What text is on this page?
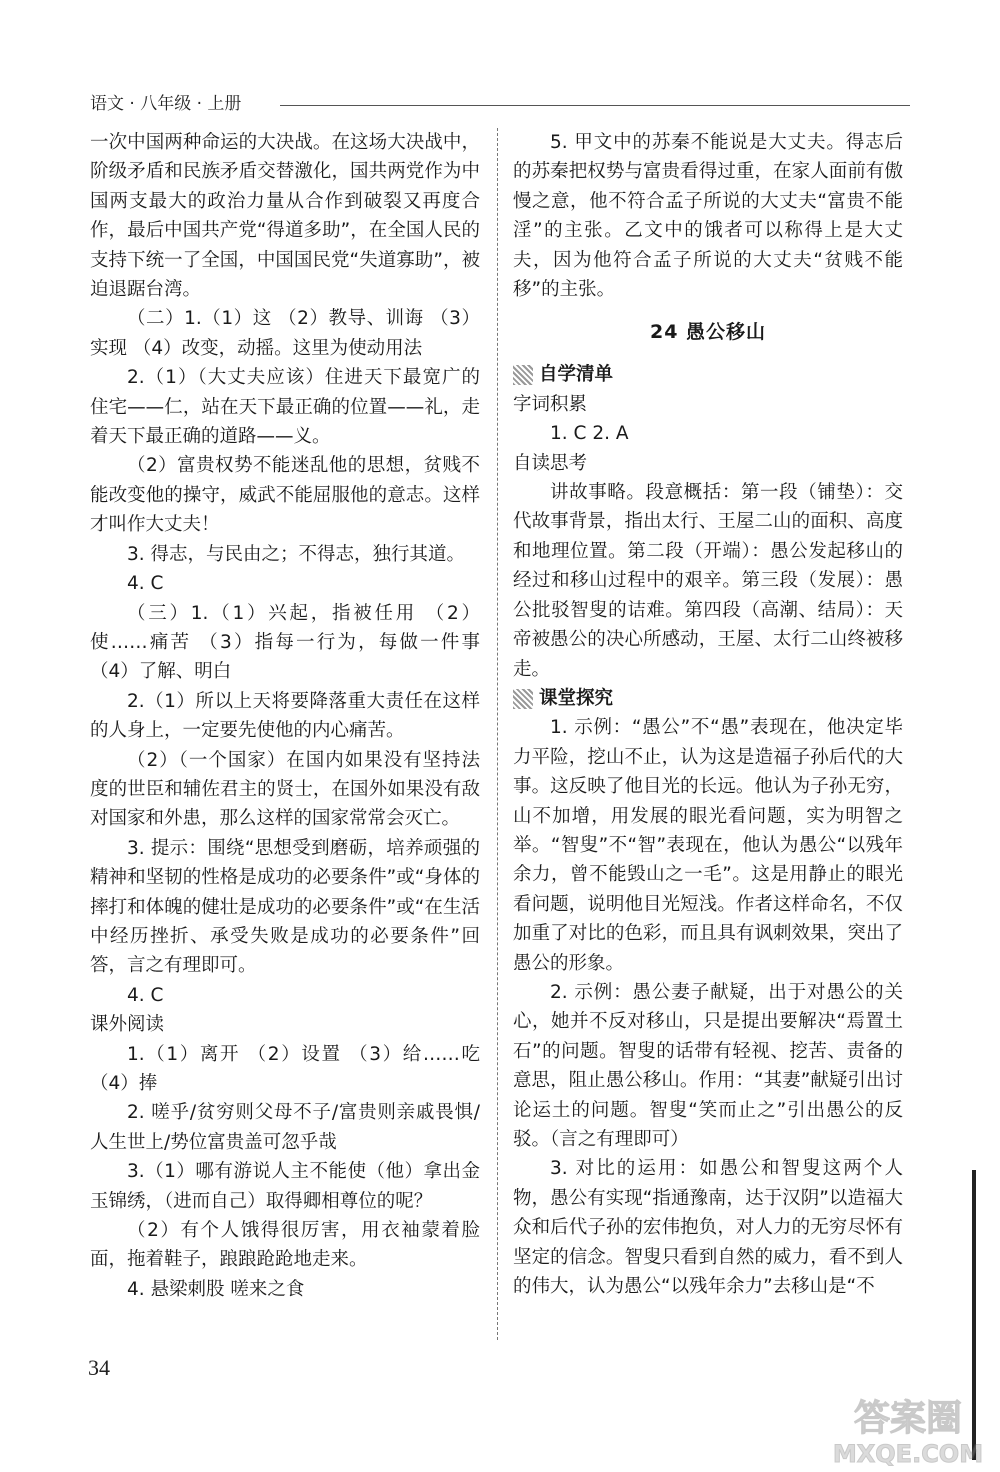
语文 · 八年级 · 上册

一次中国两种命运的大决战。在这场大决战中，阶级矛盾和民族矛盾交替激化，国共两党作为中国两支最大的政治力量从合作到破裂又再度合作，最后中国共产党“得道多助”，在全国人民的支持下统一了全国，中国国民党“失道寡助”，被迫退踞台湾。

（二）1.（1）这 （2）教导、训诲 （3）实现 （4）改变，动摇。这里为使动用法

2.（1）（大丈夫应该）住进天下最宽广的住宅——仁，站在天下最正确的位置——礼，走着天下最正确的道路——义。

（2）富贵权势不能迷乱他的思想，贫贱不能改变他的操守，威武不能屈服他的意志。这样才叫作大丈夫！

3. 得志，与民由之；不得志，独行其道。

4. C

（三）1.（1）兴起，指被任用 （2）使……痛苦 （3）指每一行为，每做一件事 （4）了解、明白

2.（1）所以上天将要降落重大责任在这样的人身上，一定要先使他的内心痛苦。

（2）（一个国家）在国内如果没有坚持法度的世臣和辅佐君主的贤士，在国外如果没有敌对国家和外患，那么这样的国家常常会灭亡。

3. 提示：围绕“思想受到磨砺，培养顽强的精神和坚韧的性格是成功的必要条件”或“身体的摔打和体魄的健壮是成功的必要条件”或“在生活中经历挫折、承受失败是成功的必要条件”回答，言之有理即可。

4. C

课外阅读

1.（1）离开 （2）设置 （3）给……吃 （4）捧

2. 嗟乎/贫穷则父母不子/富贵则亲戚畏惧/人生世上/势位富贵盖可忽乎哉

3.（1）哪有游说人主不能使（他）拿出金玉锦绣，（进而自己）取得卿相尊位的呢？

（2）有个人饿得很厉害，用衣袖蒙着脸面，拖着鞋子，踉踉跄跄地走来。

4. 悬梁刺股 嗟来之食

5. 甲文中的苏秦不能说是大丈夫。得志后的苏秦把权势与富贵看得过重，在家人面前有傲慢之意，他不符合孟子所说的大丈夫“富贵不能淫”的主张。乙文中的饿者可以称得上是大丈夫，因为他符合孟子所说的大丈夫“贫贱不能移”的主张。

24 愚公移山
自学清单

字词积累

1. C 2. A

自读思考

讲故事略。段意概括：第一段（铺垫）：交代故事背景，指出太行、王屋二山的面积、高度和地理位置。第二段（开端）：愚公发起移山的经过和移山过程中的艰辛。第三段（发展）：愚公批驳智叟的诘难。第四段（高潮、结局）：天帝被愚公的决心所感动，王屋、太行二山终被移走。

课堂探究

1. 示例：“愚公”不“愚”表现在，他决定毕力平险，挖山不止，认为这是造福子孙后代的大事。这反映了他目光的长远。他认为子孙无穷，山不加增，用发展的眼光看问题，实为明智之举。“智叟”不“智”表现在，他认为愚公“以残年余力，曾不能毁山之一毛”。这是用静止的眼光看问题，说明他目光短浅。作者这样命名，不仅加重了对比的色彩，而且具有讽刺效果，突出了愚公的形象。

2. 示例：愚公妻子献疑，出于对愚公的关心，她并不反对移山，只是提出要解决“焉置土石”的问题。智叟的话带有轻视、挖苦、责备的意思，阻止愚公移山。作用：“其妻”献疑引出讨论运土的问题。智叟“笑而止之”引出愚公的反驳。（言之有理即可）

3. 对比的运用：如愚公和智叟这两个人物，愚公有实现“指通豫南，达于汉阴”以造福大众和后代子孙的宏伟抱负，对人力的无穷尽怀有坚定的信念。智叟只看到自然的威力，看不到人的伟大，认为愚公“以残年余力”去移山是“不

34
答案圈
MXQE.COM
